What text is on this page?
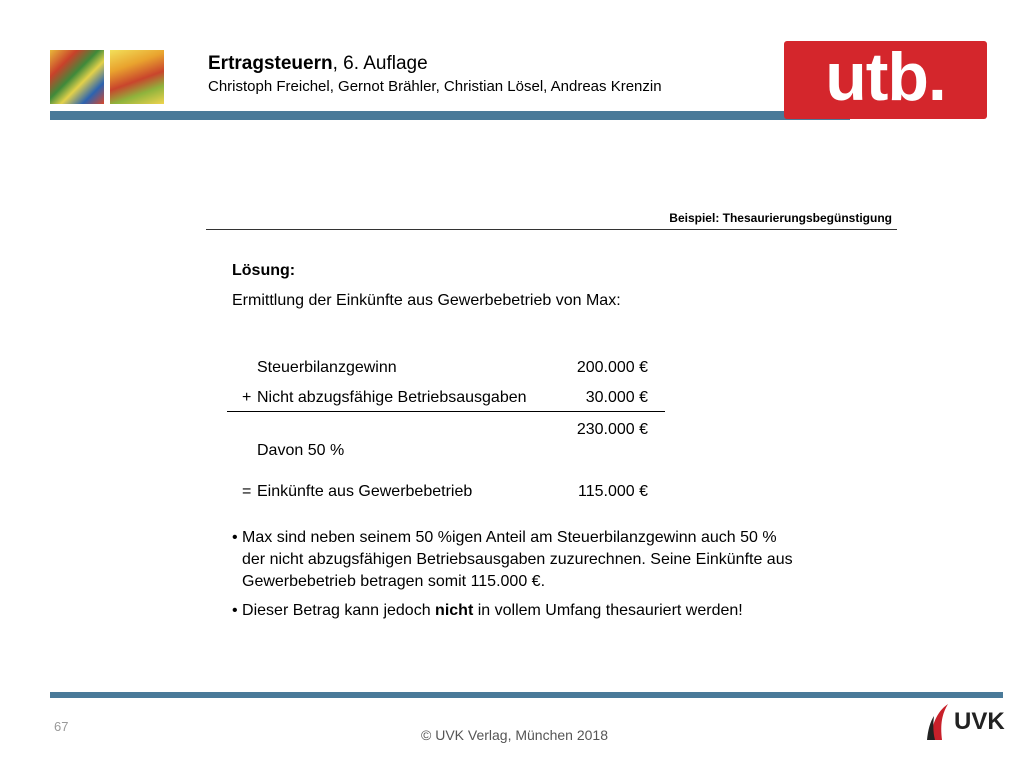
Ertragsteuern, 6. Auflage
Christoph Freichel, Gernot Brähler, Christian Lösel, Andreas Krenzin utb.
Beispiel: Thesaurierungsbegünstigung
Lösung:
Ermittlung der Einkünfte aus Gewerbebetrieb von Max:
Steuerbilanzgewinn	200.000 €
+ Nicht abzugsfähige Betriebsausgaben	30.000 €
230.000 €
Davon 50 %
= Einkünfte aus Gewerbebetrieb	115.000 €
• Max sind neben seinem 50 %igen Anteil am Steuerbilanzgewinn auch 50 %
der nicht abzugsfähigen Betriebsausgaben zuzurechnen. Seine Einkünfte aus
Gewerbebetrieb betragen somit 115.000 €.
• Dieser Betrag kann jedoch nicht in vollem Umfang thesauriert werden!
67
© UVK Verlag, München 2018	UVK
